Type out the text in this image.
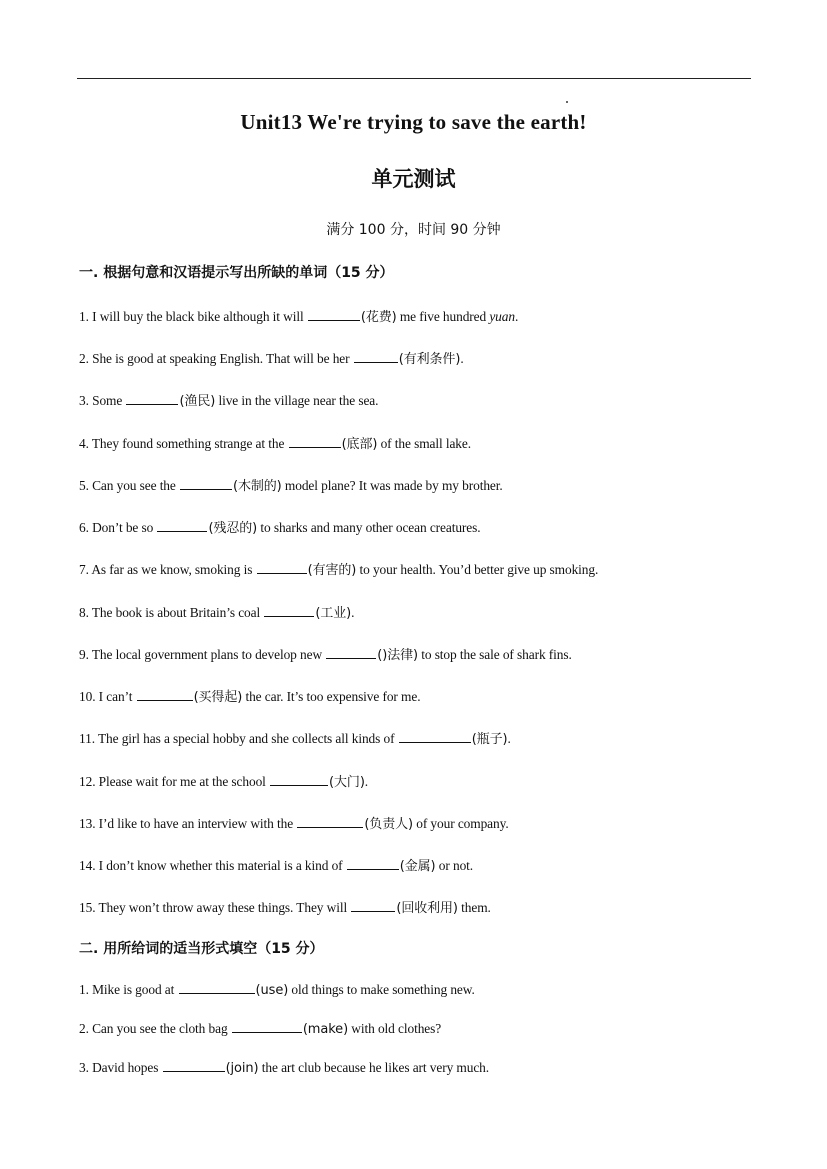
Unit13 We're trying to save the earth!
单元测试
满分 100 分，时间 90 分钟
一. 根据句意和汉语提示写出所缺的单词（15 分）
1. I will buy the black bike although it will	(花费) me five hundred yuan.
2. She is good at speaking English. That will be her	(有利条件).
3. Some	(渔民) live in the village near the sea.
4. They found something strange at the	(底部) of the small lake.
5. Can you see the	(木制的) model plane? It was made by my brother.
6. Don’t be so	(残忍的) to sharks and many other ocean creatures.
7. As far as we know, smoking is	(有害的) to your health. You’d better give up smoking.
8. The book is about Britain’s coal	(工业).
9. The local government plans to develop new	()法律) to stop the sale of shark fins.
10. I can’t	(买得起) the car. It’s too expensive for me.
11. The girl has a special hobby and she collects all kinds of	(瓶子).
12. Please wait for me at the school	(大门).
13. I’d like to have an interview with the	(负责人) of your company.
14. I don’t know whether this material is a kind of	(金属) or not.
15. They won’t throw away these things. They will	(回收利用) them.
二. 用所给词的适当形式填空（15 分）
1. Mike is good at	(use) old things to make something new.
2. Can you see the cloth bag	(make) with old clothes?
3. David hopes	(join) the art club because he likes art very much.
